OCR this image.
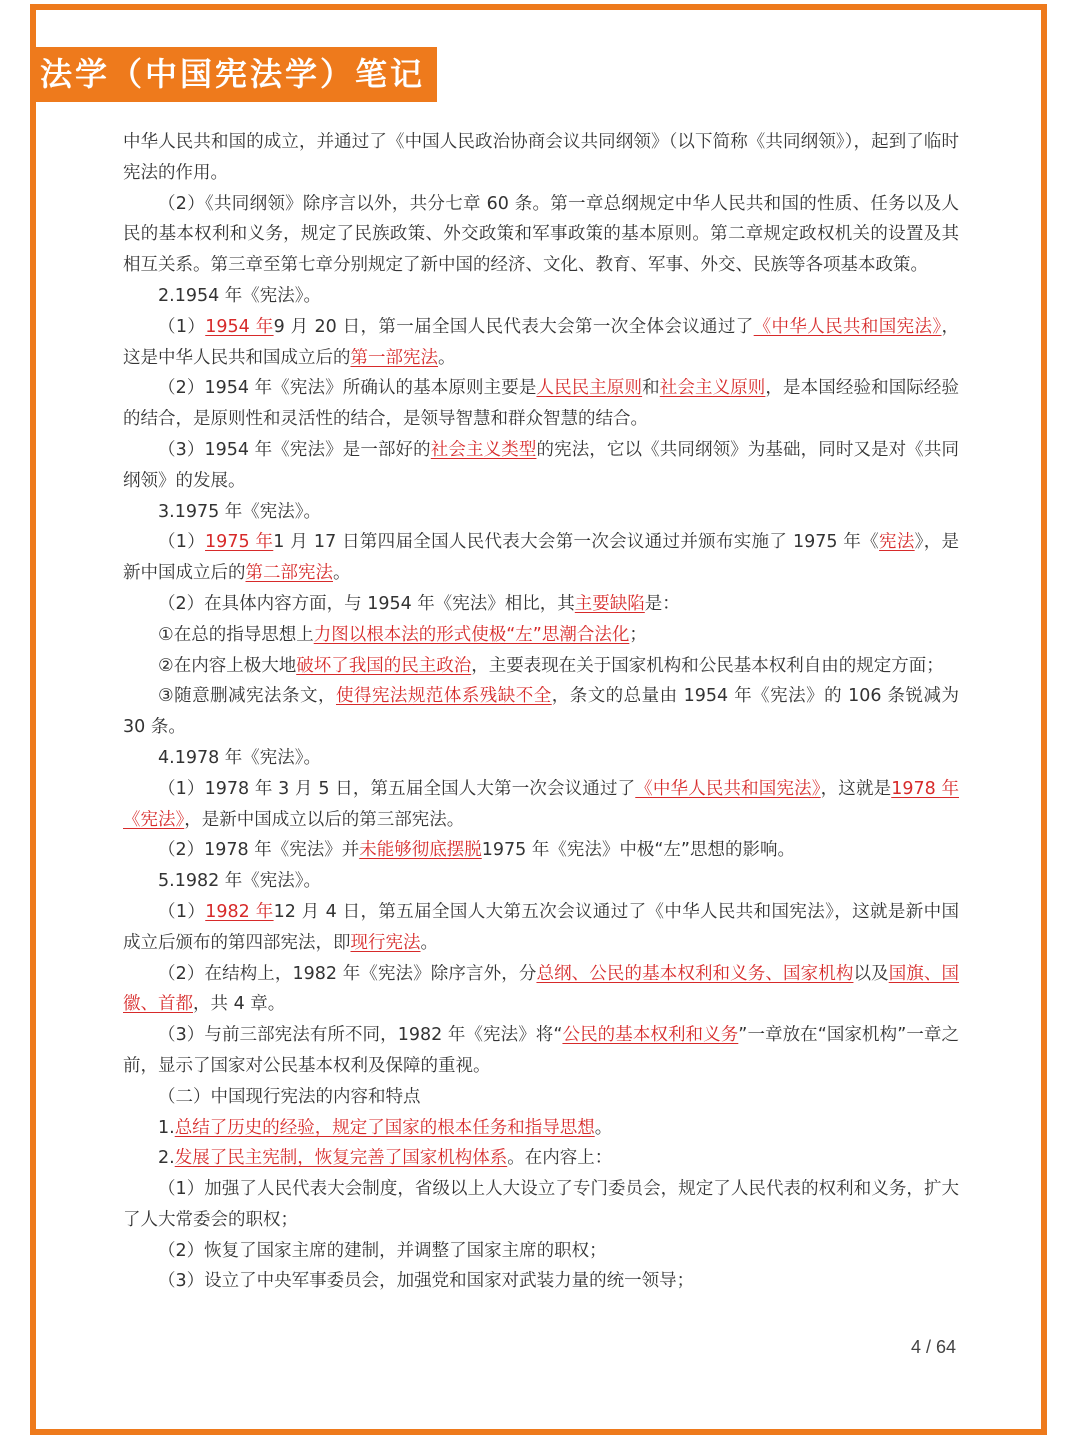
法学（中国宪法学）笔记

中华人民共和国的成立，并通过了《中国人民政治协商会议共同纲领》（以下简称《共同纲领》），起到了临时宪法的作用。

（2）《共同纲领》除序言以外，共分七章 60 条。第一章总纲规定中华人民共和国的性质、任务以及人民的基本权利和义务，规定了民族政策、外交政策和军事政策的基本原则。第二章规定政权机关的设置及其相互关系。第三章至第七章分别规定了新中国的经济、文化、教育、军事、外交、民族等各项基本政策。

2.1954 年《宪法》。

（1）1954 年9 月 20 日，第一届全国人民代表大会第一次全体会议通过了《中华人民共和国宪法》，这是中华人民共和国成立后的第一部宪法。

（2）1954 年《宪法》所确认的基本原则主要是人民民主原则和社会主义原则，是本国经验和国际经验的结合，是原则性和灵活性的结合，是领导智慧和群众智慧的结合。

（3）1954 年《宪法》是一部好的社会主义类型的宪法，它以《共同纲领》为基础，同时又是对《共同纲领》的发展。

3.1975 年《宪法》。

（1）1975 年1 月 17 日第四届全国人民代表大会第一次会议通过并颁布实施了 1975 年《宪法》，是新中国成立后的第二部宪法。

（2）在具体内容方面，与 1954 年《宪法》相比，其主要缺陷是：

①在总的指导思想上力图以根本法的形式使极“左”思潮合法化；

②在内容上极大地破坏了我国的民主政治，主要表现在关于国家机构和公民基本权利自由的规定方面；

③随意删减宪法条文，使得宪法规范体系残缺不全，条文的总量由 1954 年《宪法》的 106 条锐减为 30 条。

4.1978 年《宪法》。

（1）1978 年 3 月 5 日，第五届全国人大第一次会议通过了《中华人民共和国宪法》，这就是1978 年《宪法》，是新中国成立以后的第三部宪法。

（2）1978 年《宪法》并未能够彻底摆脱1975 年《宪法》中极“左”思想的影响。

5.1982 年《宪法》。

（1）1982 年12 月 4 日，第五届全国人大第五次会议通过了《中华人民共和国宪法》，这就是新中国成立后颁布的第四部宪法，即现行宪法。

（2）在结构上，1982 年《宪法》除序言外，分总纲、公民的基本权利和义务、国家机构以及国旗、国徽、首都，共 4 章。

（3）与前三部宪法有所不同，1982 年《宪法》将“公民的基本权利和义务”一章放在“国家机构”一章之前，显示了国家对公民基本权利及保障的重视。

（二）中国现行宪法的内容和特点

1.总结了历史的经验，规定了国家的根本任务和指导思想。

2.发展了民主宪制，恢复完善了国家机构体系。在内容上：

（1）加强了人民代表大会制度，省级以上人大设立了专门委员会，规定了人民代表的权利和义务，扩大了人大常委会的职权；

（2）恢复了国家主席的建制，并调整了国家主席的职权；

（3）设立了中央军事委员会，加强党和国家对武装力量的统一领导；

4 / 64
